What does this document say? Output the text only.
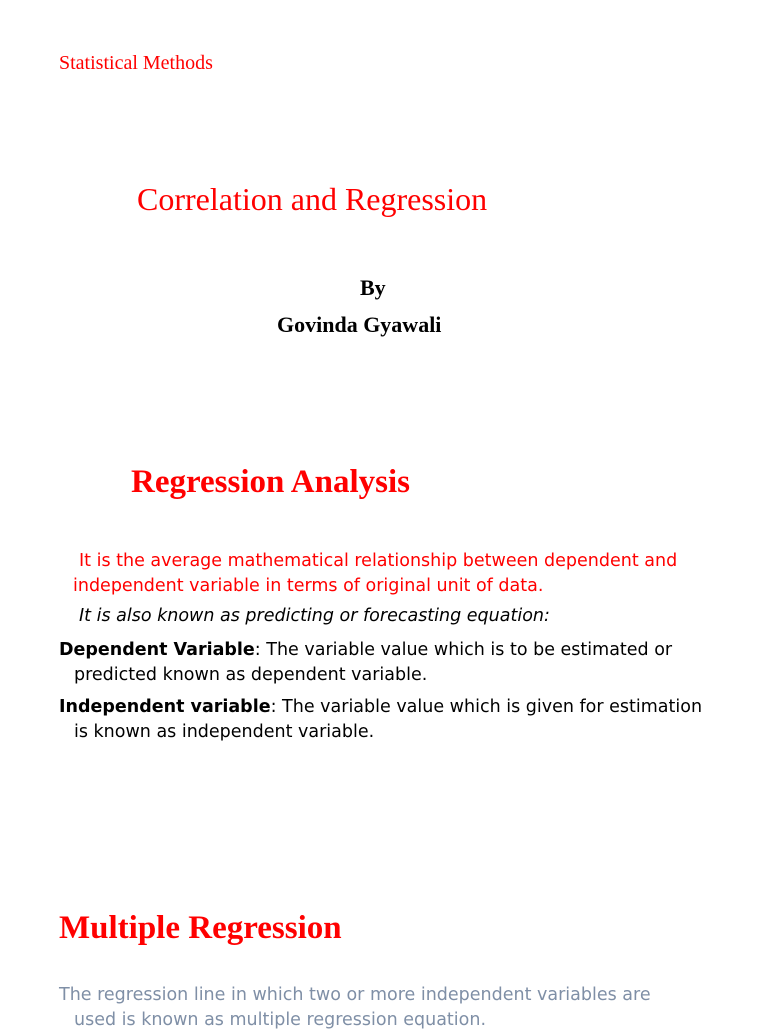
Statistical Methods

Correlation and Regression

By

Govinda Gyawali

Regression Analysis
It is the average mathematical relationship between dependent and
independent variable in terms of original unit of data.
It is also known as predicting or forecasting equation:
Dependent Variable: The variable value which is to be estimated or
predicted known as dependent variable.
Independent variable: The variable value which is given for estimation
is known as independent variable.
Multiple Regression
The regression line in which two or more independent variables are
used is known as multiple regression equation.
